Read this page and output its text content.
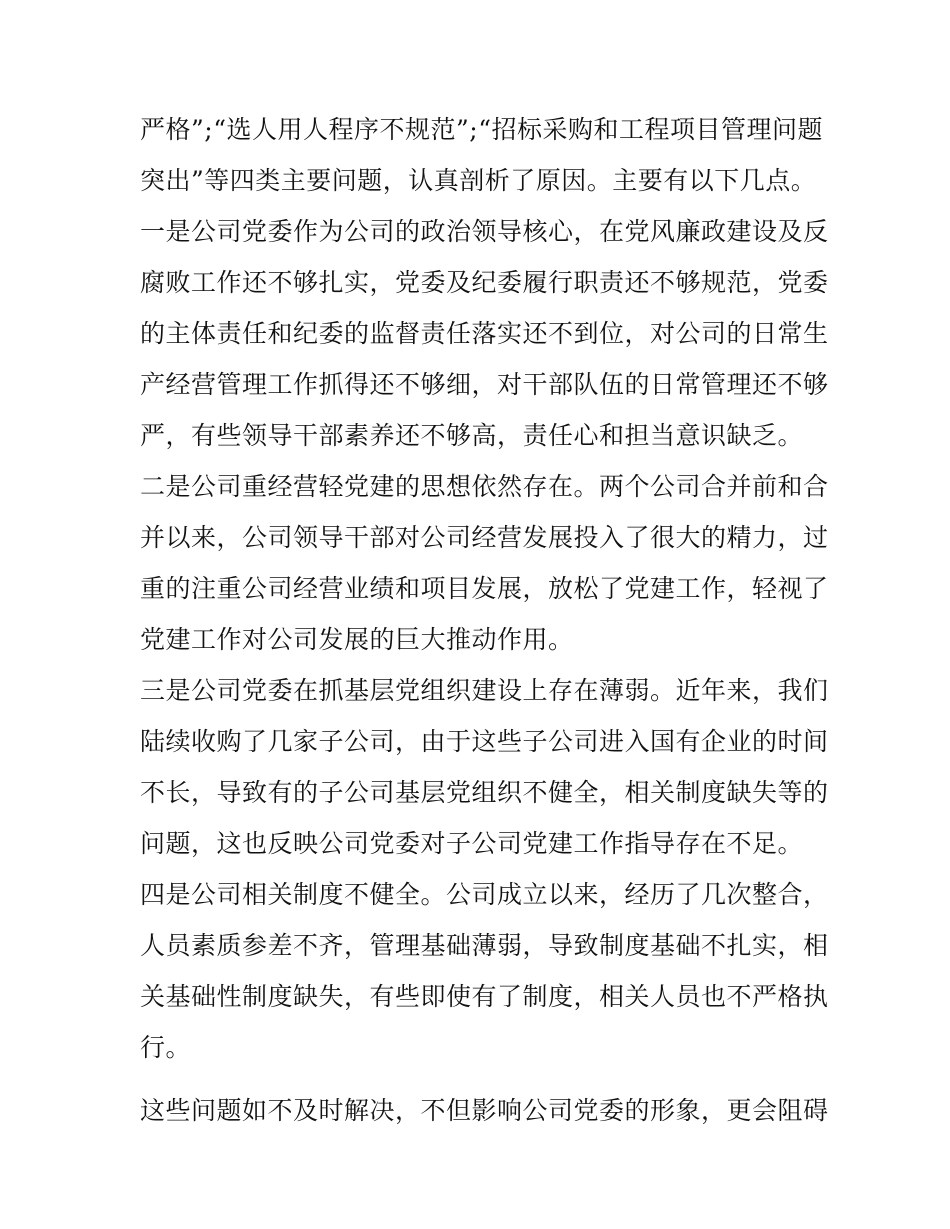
严格”;“选人用人程序不规范”;“招标采购和工程项目管理问题
突出”等四类主要问题，认真剖析了原因。主要有以下几点。
一是公司党委作为公司的政治领导核心，在党风廉政建设及反
腐败工作还不够扎实，党委及纪委履行职责还不够规范，党委
的主体责任和纪委的监督责任落实还不到位，对公司的日常生
产经营管理工作抓得还不够细，对干部队伍的日常管理还不够
严，有些领导干部素养还不够高，责任心和担当意识缺乏。
二是公司重经营轻党建的思想依然存在。两个公司合并前和合
并以来，公司领导干部对公司经营发展投入了很大的精力，过
重的注重公司经营业绩和项目发展，放松了党建工作，轻视了
党建工作对公司发展的巨大推动作用。
三是公司党委在抓基层党组织建设上存在薄弱。近年来，我们
陆续收购了几家子公司，由于这些子公司进入国有企业的时间
不长，导致有的子公司基层党组织不健全，相关制度缺失等的
问题，这也反映公司党委对子公司党建工作指导存在不足。
四是公司相关制度不健全。公司成立以来，经历了几次整合，
人员素质参差不齐，管理基础薄弱，导致制度基础不扎实，相
关基础性制度缺失，有些即使有了制度，相关人员也不严格执
行。
这些问题如不及时解决，不但影响公司党委的形象，更会阻碍
